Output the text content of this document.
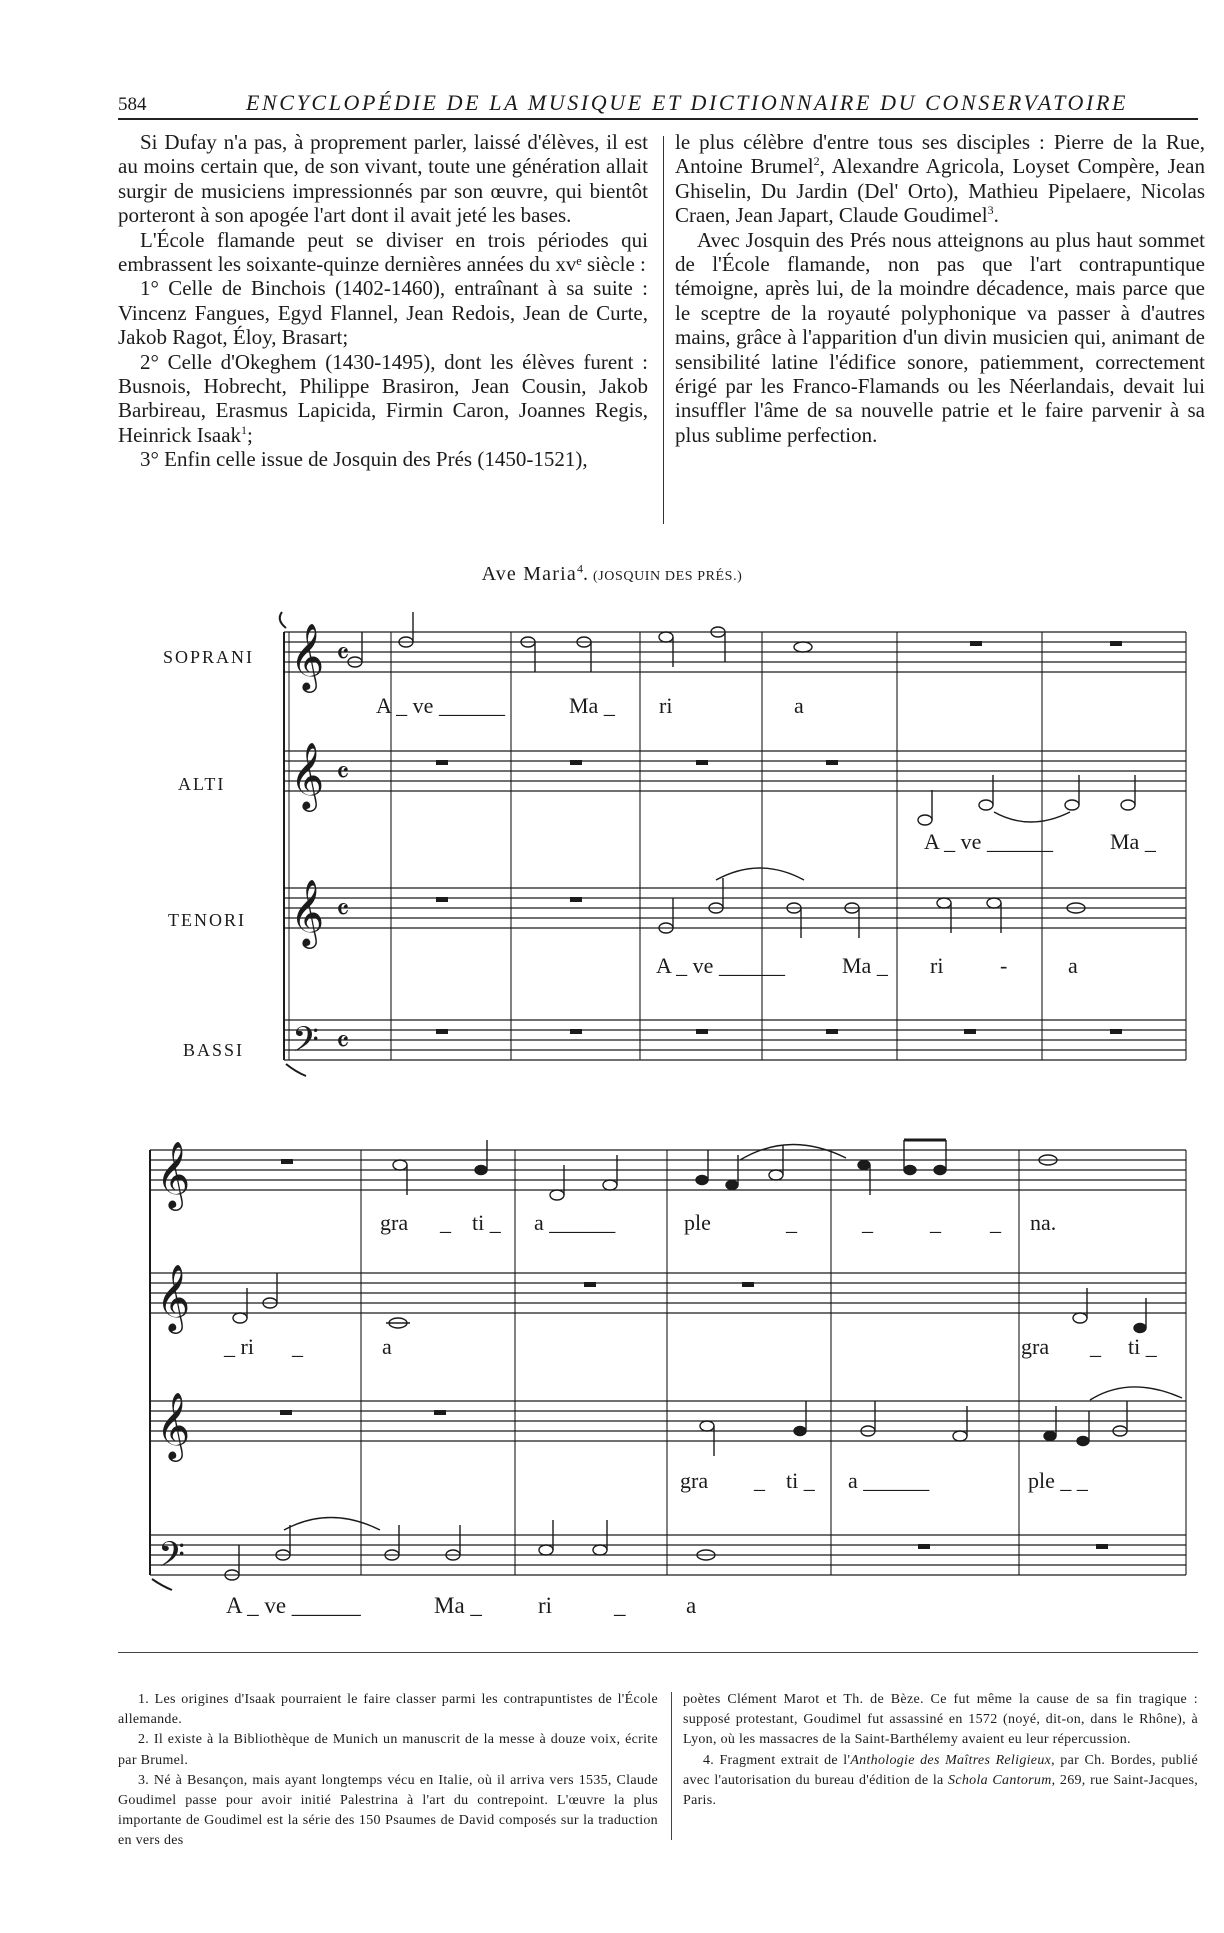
584	ENCYCLOPÉDIE DE LA MUSIQUE ET DICTIONNAIRE DU CONSERVATOIRE

Si Dufay n'a pas, à proprement parler, laissé d'élèves, il est au moins certain que, de son vivant, toute une génération allait surgir de musiciens impressionnés par son œuvre, qui bientôt porteront à son apogée l'art dont il avait jeté les bases.

L'École flamande peut se diviser en trois périodes qui embrassent les soixante-quinze dernières années du xvᵉ siècle :

1° Celle de Binchois (1402-1460), entraînant à sa suite : Vincenz Fangues, Egyd Flannel, Jean Redois, Jean de Curte, Jakob Ragot, Éloy, Brasart;

2° Celle d'Okeghem (1430-1495), dont les élèves furent : Busnois, Hobrecht, Philippe Brasiron, Jean Cousin, Jakob Barbireau, Erasmus Lapicida, Firmin Caron, Joannes Regis, Heinrick Isaak$^1$;

3° Enfin celle issue de Josquin des Prés (1450-1521),

le plus célèbre d'entre tous ses disciples : Pierre de la Rue, Antoine Brumel$^2$, Alexandre Agricola, Loyset Compère, Jean Ghiselin, Du Jardin (Del' Orto), Mathieu Pipelaere, Nicolas Craen, Jean Japart, Claude Goudimel$^3$.

Avec Josquin des Prés nous atteignons au plus haut sommet de l'École flamande, non pas que l'art contrapuntique témoigne, après lui, de la moindre décadence, mais parce que le sceptre de la royauté polyphonique va passer à d'autres mains, grâce à l'apparition d'un divin musicien qui, animant de sensibilité latine l'édifice sonore, patiemment, correctement érigé par les Franco-Flamands ou les Néerlandais, devait lui insuffler l'âme de sa nouvelle patrie et le faire parvenir à sa plus sublime perfection.

Ave Maria$^4$. (JOSQUIN DES PRÉS.)
SOPRANI
ALTI
TENORI
BASSI
𝄞 𝄴
𝄞 𝄴
𝄞 𝄴
𝄢 𝄴
𝄞
𝄞
𝄞
𝄢
A _ ve ______	Ma _ ri	a
A _ ve ______	Ma _
A _ ve ______	Ma _ ri	-	a
gra _ ti _ a ______	ple	_	_	_ _ na.
_ ri _	a	gra _ ti _
gra _ ti _ a ______	ple _ _
A _ ve ______	Ma _ ri	_	a

1. Les origines d'Isaak pourraient le faire classer parmi les contrapuntistes de l'École allemande.

2. Il existe à la Bibliothèque de Munich un manuscrit de la messe à douze voix, écrite par Brumel.

3. Né à Besançon, mais ayant longtemps vécu en Italie, où il arriva vers 1535, Claude Goudimel passe pour avoir initié Palestrina à l'art du contrepoint. L'œuvre la plus importante de Goudimel est la série des 150 Psaumes de David composés sur la traduction en vers des

poètes Clément Marot et Th. de Bèze. Ce fut même la cause de sa fin tragique : supposé protestant, Goudimel fut assassiné en 1572 (noyé, dit-on, dans le Rhône), à Lyon, où les massacres de la Saint-Barthélemy avaient eu leur répercussion.

4. Fragment extrait de l'Anthologie des Maîtres Religieux, par Ch. Bordes, publié avec l'autorisation du bureau d'édition de la Schola Cantorum, 269, rue Saint-Jacques, Paris.
